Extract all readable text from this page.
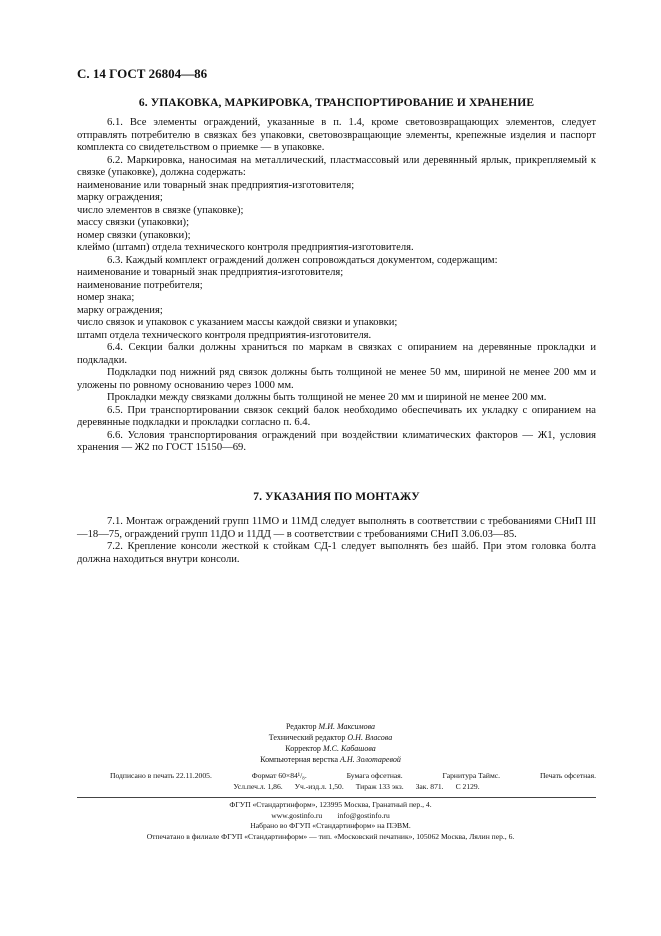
С. 14 ГОСТ 26804—86
6. УПАКОВКА, МАРКИРОВКА, ТРАНСПОРТИРОВАНИЕ И ХРАНЕНИЕ

6.1. Все элементы ограждений, указанные в п. 1.4, кроме световозвращающих элементов, следует отправлять потребителю в связках без упаковки, световозвращающие элементы, крепежные изделия и паспорт комплекта со свидетельством о приемке — в упаковке.

6.2. Маркировка, наносимая на металлический, пластмассовый или деревянный ярлык, прикрепляемый к связке (упаковке), должна содержать:

наименование или товарный знак предприятия-изготовителя;

марку ограждения;

число элементов в связке (упаковке);

массу связки (упаковки);

номер связки (упаковки);

клеймо (штамп) отдела технического контроля предприятия-изготовителя.

6.3. Каждый комплект ограждений должен сопровождаться документом, содержащим:

наименование и товарный знак предприятия-изготовителя;

наименование потребителя;

номер знака;

марку ограждения;

число связок и упаковок с указанием массы каждой связки и упаковки;

штамп отдела технического контроля предприятия-изготовителя.

6.4. Секции балки должны храниться по маркам в связках с опиранием на деревянные прокладки и подкладки.

Подкладки под нижний ряд связок должны быть толщиной не менее 50 мм, шириной не менее 200 мм и уложены по ровному основанию через 1000 мм.

Прокладки между связками должны быть толщиной не менее 20 мм и шириной не менее 200 мм.

6.5. При транспортировании связок секций балок необходимо обеспечивать их укладку с опиранием на деревянные подкладки и прокладки согласно п. 6.4.

6.6. Условия транспортирования ограждений при воздействии климатических факторов — Ж1, условия хранения — Ж2 по ГОСТ 15150—69.

7. УКАЗАНИЯ ПО МОНТАЖУ

7.1. Монтаж ограждений групп 11МО и 11МД следует выполнять в соответствии с требованиями СНиП III—18—75, ограждений групп 11ДО и 11ДД — в соответствии с требованиями СНиП 3.06.03—85.

7.2. Крепление консоли жесткой к стойкам СД-1 следует выполнять без шайб. При этом головка болта должна находиться внутри консоли.

Редактор М.И. Максимова
Технический редактор О.Н. Власова
Корректор М.С. Кабашова
Компьютерная верстка А.Н. Золотаревой
Подписано в печать 22.11.2005.	Формат 60×84¹/₈.	Бумага офсетная.	Гарнитура Таймс.	Печать офсетная.
Усл.печ.л. 1,86. Уч.-изд.л. 1,50. Тираж 133 экз. Зак. 871. С 2129.
ФГУП «Стандартинформ», 123995 Москва, Гранатный пер., 4.
www.gostinfo.ru info@gostinfo.ru
Набрано во ФГУП «Стандартинформ» на ПЭВМ.
Отпечатано в филиале ФГУП «Стандартинформ» — тип. «Московский печатник», 105062 Москва, Лялин пер., 6.
